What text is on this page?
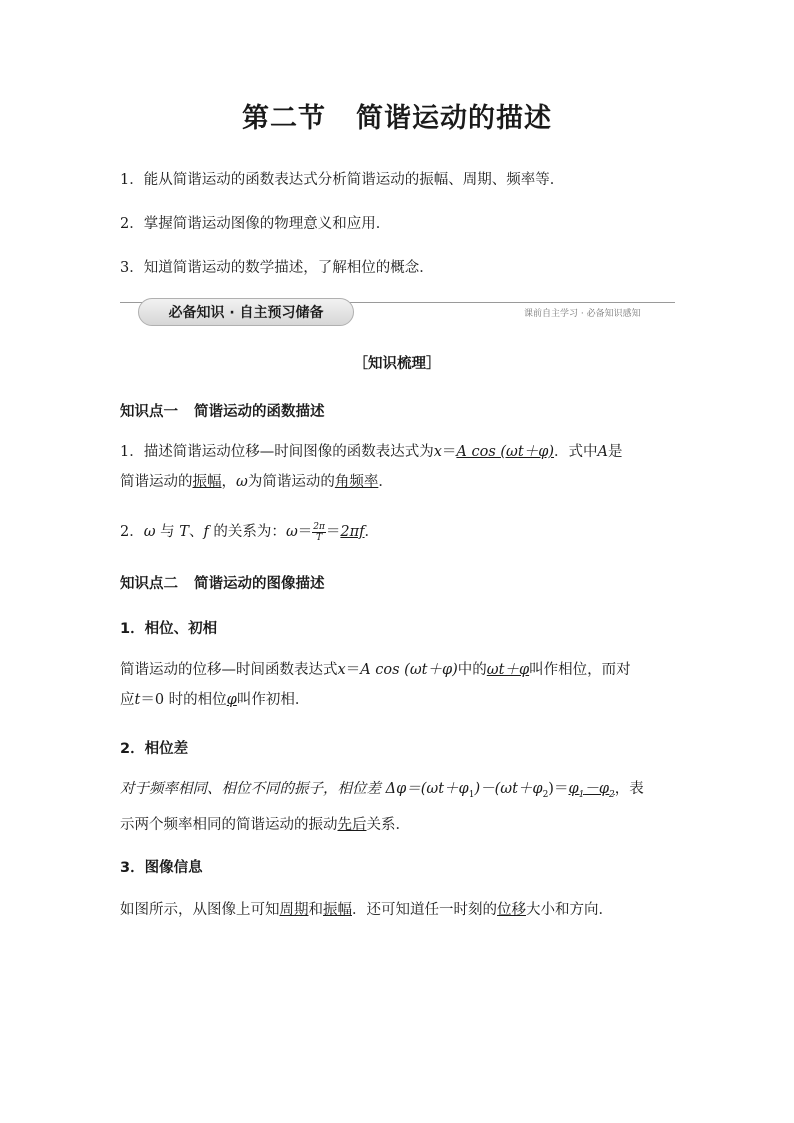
第二节 简谐运动的描述
1．能从简谐运动的函数表达式分析简谐运动的振幅、周期、频率等．
2．掌握简谐运动图像的物理意义和应用．
3．知道简谐运动的数学描述，了解相位的概念．
必备知识 · 自主预习储备	课前自主学习 · 必备知识感知
［知识梳理］
知识点一 简谐运动的函数描述
1．描述简谐运动位移—时间图像的函数表达式为x＝A cos (ωt＋φ)．式中A是
简谐运动的振幅，ω为简谐运动的角频率．
2．ω 与 T、f 的关系为：$\omega= \frac{2\pi}{T} =2\pi f$．
知识点二 简谐运动的图像描述
1．相位、初相
简谐运动的位移—时间函数表达式x＝A cos (ωt＋φ)中的ωt＋φ叫作相位，而对
应t＝0 时的相位φ叫作初相．
2．相位差
对于频率相同、相位不同的振子，相位差 $\Delta\varphi=(\omega t+\varphi_1)-(\omega t+\varphi_2)=\varphi_1-\varphi_2$，表
示两个频率相同的简谐运动的振动先后关系．
3．图像信息
如图所示，从图像上可知周期和振幅．还可知道任一时刻的位移大小和方向．
